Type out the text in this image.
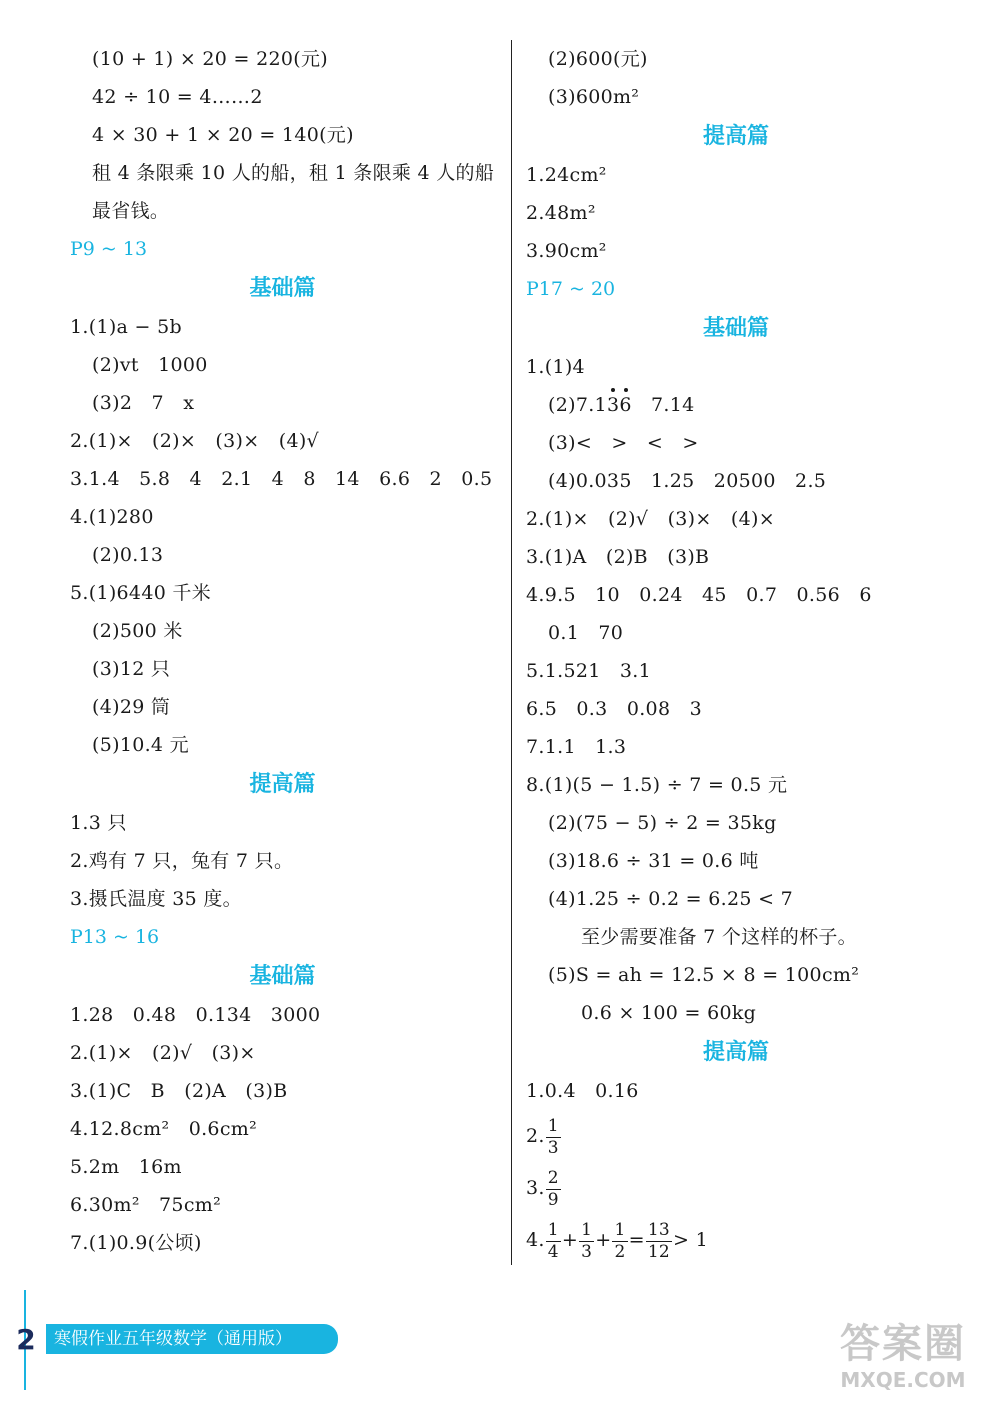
(10 + 1) × 20 = 220(元)
42 ÷ 10 = 4……2
4 × 30 + 1 × 20 = 140(元)
租 4 条限乘 10 人的船，租 1 条限乘 4 人的船最省钱。
P9 ~ 13
基础篇
1.(1)a − 5b
(2)vt　1000
(3)2　7　x
2.(1)×　(2)×　(3)×　(4)√
3.1.4　5.8　4　2.1　4　8　14　6.6　2　0.5
4.(1)280
(2)0.13
5.(1)6440 千米
(2)500 米
(3)12 只
(4)29 筒
(5)10.4 元
提高篇
1.3 只
2.鸡有 7 只，兔有 7 只。
3.摄氏温度 35 度。
P13 ~ 16
基础篇
1.28　0.48　0.134　3000
2.(1)×　(2)√　(3)×
3.(1)C　B　(2)A　(3)B
4.12.8cm²　0.6cm²
5.2m　16m
6.30m²　75cm²
7.(1)0.9(公顷)
(2)600(元)
(3)600m²
提高篇
1.24cm²
2.48m²
3.90cm²
P17 ~ 20
基础篇
1.(1)4
(2)7.136　7.14
(3)<　>　<　>
(4)0.035　1.25　20500　2.5
2.(1)×　(2)√　(3)×　(4)×
3.(1)A　(2)B　(3)B
4.9.5　10　0.24　45　0.7　0.56　6
0.1　70
5.1.521　3.1
6.5　0.3　0.08　3
7.1.1　1.3
8.(1)(5 − 1.5) ÷ 7 = 0.5 元
(2)(75 − 5) ÷ 2 = 35kg
(3)18.6 ÷ 31 = 0.6 吨
(4)1.25 ÷ 0.2 = 6.25 < 7
至少需要准备 7 个这样的杯子。
(5)S = ah = 12.5 × 8 = 100cm²
0.6 × 100 = 60kg
提高篇
1.0.4　0.16
2. $\frac{1}{3}$
3. $\frac{2}{9}$
4. $\frac{1}{4} + \frac{1}{3} + \frac{1}{2} = \frac{13}{12} > 1$
2	寒假作业五年级数学（通用版）	答案圈
MXQE.COM
